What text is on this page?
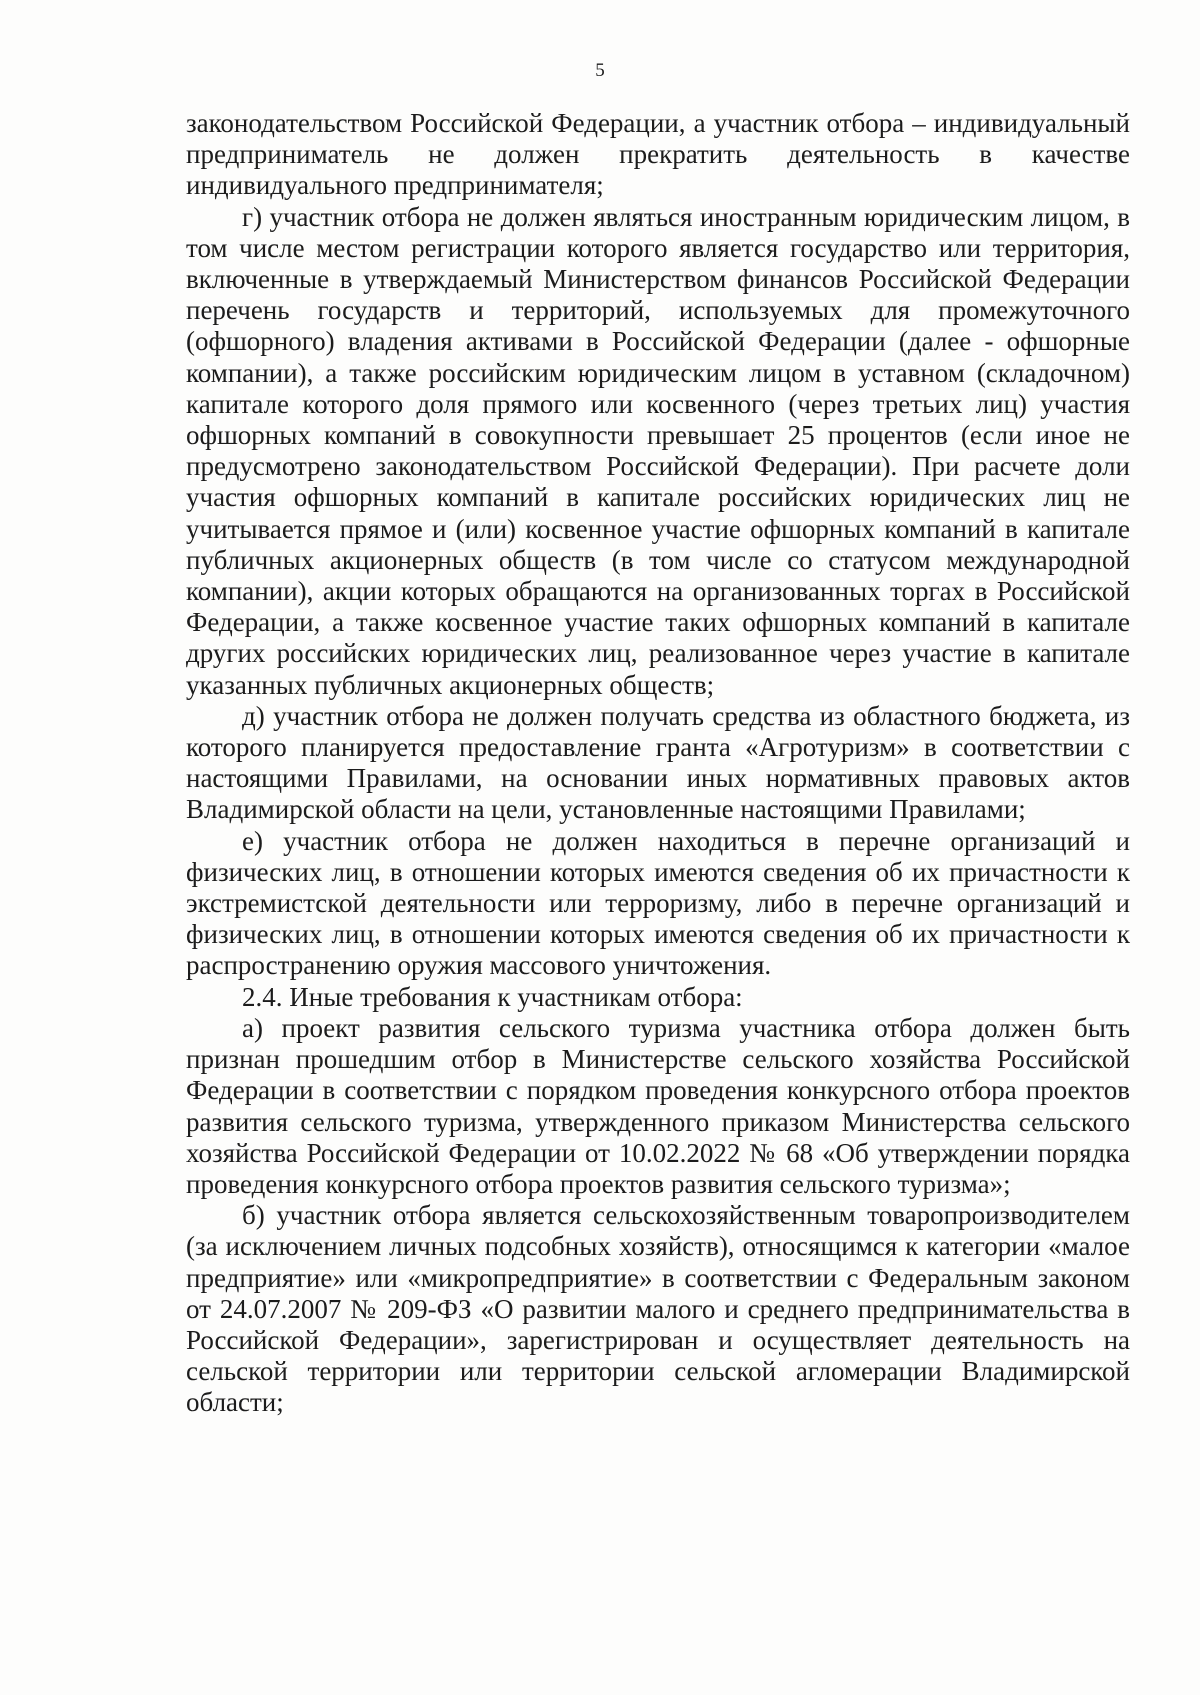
5

законодательством Российской Федерации, а участник отбора – индивидуальный предприниматель не должен прекратить деятельность в качестве индивидуального предпринимателя;

г) участник отбора не должен являться иностранным юридическим лицом, в том числе местом регистрации которого является государство или территория, включенные в утверждаемый Министерством финансов Российской Федерации перечень государств и территорий, используемых для промежуточного (офшорного) владения активами в Российской Федерации (далее - офшорные компании), а также российским юридическим лицом в уставном (складочном) капитале которого доля прямого или косвенного (через третьих лиц) участия офшорных компаний в совокупности превышает 25 процентов (если иное не предусмотрено законодательством Российской Федерации). При расчете доли участия офшорных компаний в капитале российских юридических лиц не учитывается прямое и (или) косвенное участие офшорных компаний в капитале публичных акционерных обществ (в том числе со статусом международной компании), акции которых обращаются на организованных торгах в Российской Федерации, а также косвенное участие таких офшорных компаний в капитале других российских юридических лиц, реализованное через участие в капитале указанных публичных акционерных обществ;

д) участник отбора не должен получать средства из областного бюджета, из которого планируется предоставление гранта «Агротуризм» в соответствии с настоящими Правилами, на основании иных нормативных правовых актов Владимирской области на цели, установленные настоящими Правилами;

е) участник отбора не должен находиться в перечне организаций и физических лиц, в отношении которых имеются сведения об их причастности к экстремистской деятельности или терроризму, либо в перечне организаций и физических лиц, в отношении которых имеются сведения об их причастности к распространению оружия массового уничтожения.

2.4. Иные требования к участникам отбора:

а) проект развития сельского туризма участника отбора должен быть признан прошедшим отбор в Министерстве сельского хозяйства Российской Федерации в соответствии с порядком проведения конкурсного отбора проектов развития сельского туризма, утвержденного приказом Министерства сельского хозяйства Российской Федерации от 10.02.2022 № 68 «Об утверждении порядка проведения конкурсного отбора проектов развития сельского туризма»;

б) участник отбора является сельскохозяйственным товаропроизводителем (за исключением личных подсобных хозяйств), относящимся к категории «малое предприятие» или «микропредприятие» в соответствии с Федеральным законом от 24.07.2007 № 209-ФЗ «О развитии малого и среднего предпринимательства в Российской Федерации», зарегистрирован и осуществляет деятельность на сельской территории или территории сельской агломерации Владимирской области;
